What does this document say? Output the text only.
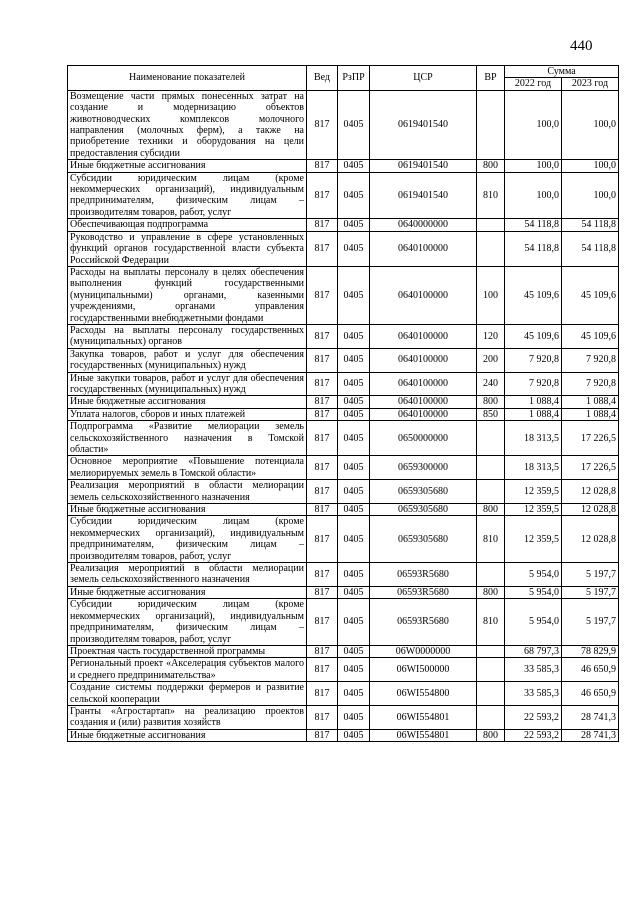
440
Наименование показателей	Вед	РзПР	ЦСР	ВР	Сумма	
					2022 год	2023 год
Возмещение части прямых понесенных затрат на создание и модернизацию объектов животноводческих комплексов молочного направления (молочных ферм), а также на приобретение техники и оборудования на цели предоставления субсидии	817	0405	0619401540		100,0	100,0
Иные бюджетные ассигнования	817	0405	0619401540	800	100,0	100,0
Субсидии юридическим лицам (кроме некоммерческих организаций), индивидуальным предпринимателям, физическим лицам – производителям товаров, работ, услуг	817	0405	0619401540	810	100,0	100,0
Обеспечивающая подпрограмма	817	0405	0640000000		54 118,8	54 118,8
Руководство и управление в сфере установленных функций органов государственной власти субъекта Российской Федерации	817	0405	0640100000		54 118,8	54 118,8
Расходы на выплаты персоналу в целях обеспечения выполнения функций государственными (муниципальными) органами, казенными учреждениями, органами управления государственными внебюджетными фондами	817	0405	0640100000	100	45 109,6	45 109,6
Расходы на выплаты персоналу государственных (муниципальных) органов	817	0405	0640100000	120	45 109,6	45 109,6
Закупка товаров, работ и услуг для обеспечения государственных (муниципальных) нужд	817	0405	0640100000	200	7 920,8	7 920,8
Иные закупки товаров, работ и услуг для обеспечения государственных (муниципальных) нужд	817	0405	0640100000	240	7 920,8	7 920,8
Иные бюджетные ассигнования	817	0405	0640100000	800	1 088,4	1 088,4
Уплата налогов, сборов и иных платежей	817	0405	0640100000	850	1 088,4	1 088,4
Подпрограмма «Развитие мелиорации земель сельскохозяйственного назначения в Томской области»	817	0405	0650000000		18 313,5	17 226,5
Основное мероприятие «Повышение потенциала мелиорируемых земель в Томской области»	817	0405	0659300000		18 313,5	17 226,5
Реализация мероприятий в области мелиорации земель сельскохозяйственного назначения	817	0405	0659305680		12 359,5	12 028,8
Иные бюджетные ассигнования	817	0405	0659305680	800	12 359,5	12 028,8
Субсидии юридическим лицам (кроме некоммерческих организаций), индивидуальным предпринимателям, физическим лицам – производителям товаров, работ, услуг	817	0405	0659305680	810	12 359,5	12 028,8
Реализация мероприятий в области мелиорации земель сельскохозяйственного назначения	817	0405	06593R5680		5 954,0	5 197,7
Иные бюджетные ассигнования	817	0405	06593R5680	800	5 954,0	5 197,7
Субсидии юридическим лицам (кроме некоммерческих организаций), индивидуальным предпринимателям, физическим лицам – производителям товаров, работ, услуг	817	0405	06593R5680	810	5 954,0	5 197,7
Проектная часть государственной программы	817	0405	06W0000000		68 797,3	78 829,9
Региональный проект «Акселерация субъектов малого и среднего предпринимательства»	817	0405	06WI500000		33 585,3	46 650,9
Создание системы поддержки фермеров и развитие сельской кооперации	817	0405	06WI554800		33 585,3	46 650,9
Гранты «Агростартап» на реализацию проектов создания и (или) развития хозяйств	817	0405	06WI554801		22 593,2	28 741,3
Иные бюджетные ассигнования	817	0405	06WI554801	800	22 593,2	28 741,3
